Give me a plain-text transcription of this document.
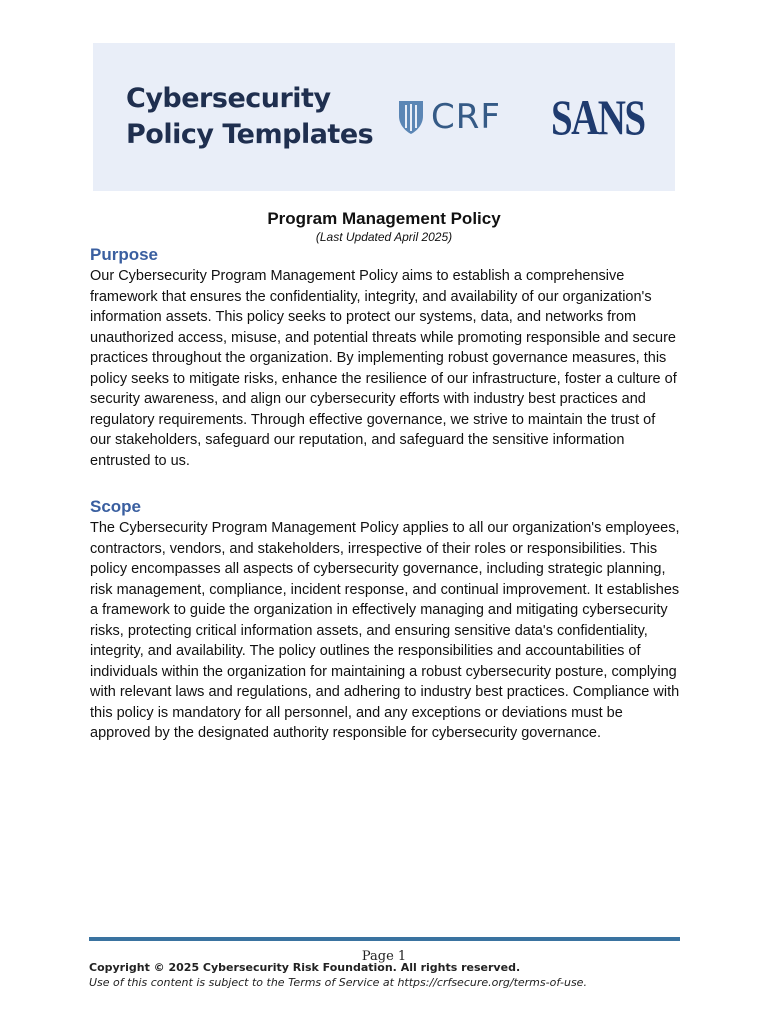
Cybersecurity
Policy Templates CRF SANS
Program Management Policy
(Last Updated April 2025)
Purpose

Our Cybersecurity Program Management Policy aims to establish a comprehensive framework that ensures the confidentiality, integrity, and availability of our organization's information assets. This policy seeks to protect our systems, data, and networks from unauthorized access, misuse, and potential threats while promoting responsible and secure practices throughout the organization. By implementing robust governance measures, this policy seeks to mitigate risks, enhance the resilience of our infrastructure, foster a culture of security awareness, and align our cybersecurity efforts with industry best practices and regulatory requirements. Through effective governance, we strive to maintain the trust of our stakeholders, safeguard our reputation, and safeguard the sensitive information entrusted to us.

Scope

The Cybersecurity Program Management Policy applies to all our organization's employees, contractors, vendors, and stakeholders, irrespective of their roles or responsibilities. This policy encompasses all aspects of cybersecurity governance, including strategic planning, risk management, compliance, incident response, and continual improvement. It establishes a framework to guide the organization in effectively managing and mitigating cybersecurity risks, protecting critical information assets, and ensuring sensitive data's confidentiality, integrity, and availability. The policy outlines the responsibilities and accountabilities of individuals within the organization for maintaining a robust cybersecurity posture, complying with relevant laws and regulations, and adhering to industry best practices. Compliance with this policy is mandatory for all personnel, and any exceptions or deviations must be approved by the designated authority responsible for cybersecurity governance.

Page 1
Copyright © 2025 Cybersecurity Risk Foundation. All rights reserved.
Use of this content is subject to the Terms of Service at https://crfsecure.org/terms-of-use.
